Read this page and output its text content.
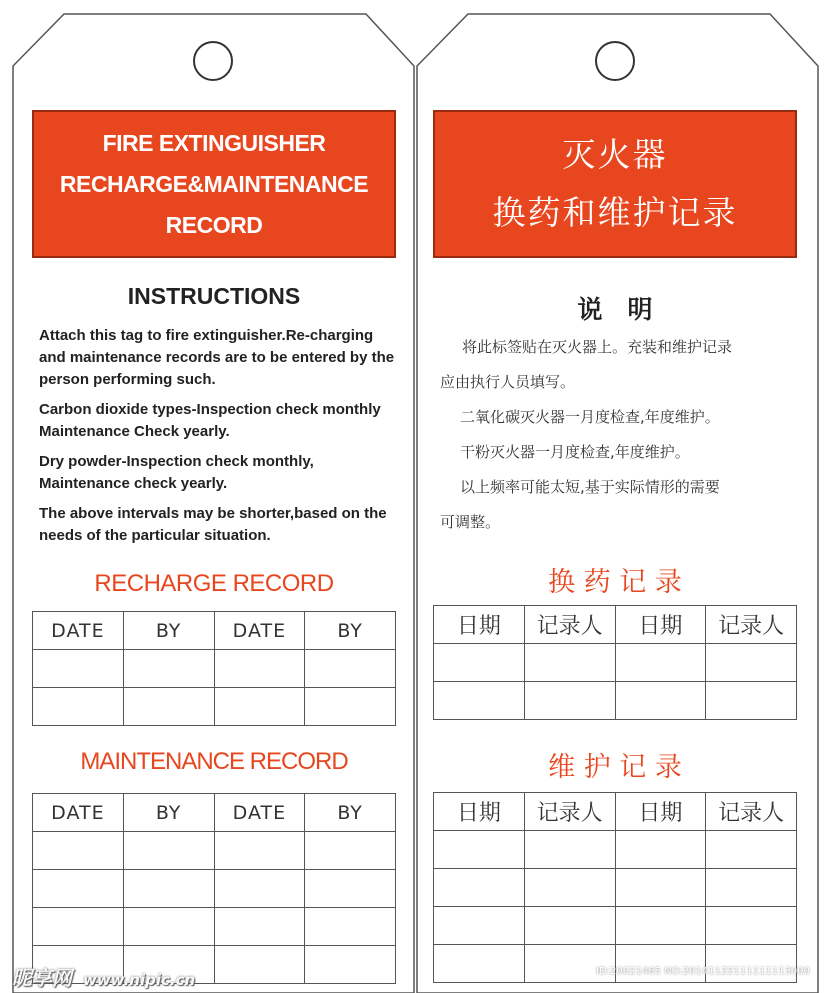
FIRE EXTINGUISHER
RECHARGE&MAINTENANCE
RECORD
INSTRUCTIONS

Attach this tag to fire extinguisher.Re-charging and maintenance records are to be entered by the person performing such.

Carbon dioxide types-Inspection check monthly Maintenance Check yearly.

Dry powder-Inspection check monthly, Maintenance check yearly.

The above intervals may be shorter,based on the needs of the particular situation.

RECHARGE RECORD
DATE	BY	DATE	BY

MAINTENANCE RECORD
DATE	BY	DATE	BY

灭火器
换药和维护记录
说　明

将此标签贴在灭火器上。充装和维护记录

应由执行人员填写。

二氧化碳灭火器一月度检查,年度维护。

干粉灭火器一月度检查,年度维护。

以上频率可能太短,基于实际情形的需要

可调整。

换 药 记 录
日期	记录人	日期	记录人

维 护 记 录
日期	记录人	日期	记录人

昵享网 www.nipic.cn	ID:20021465 NO:20141122111111113000
